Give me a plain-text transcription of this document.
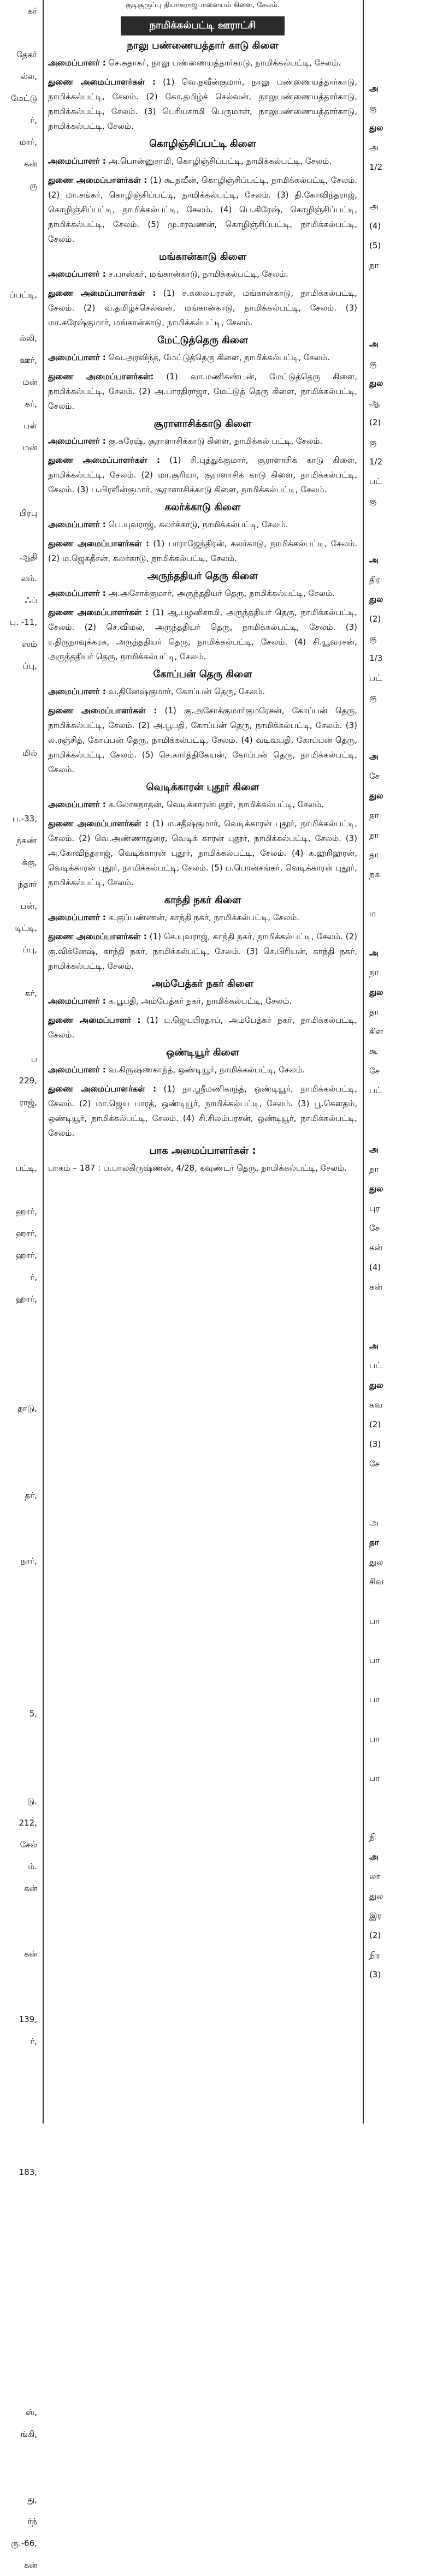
கர்

தேகர்
ல்ல,
மேட்டு
ர்,
மார்,
கன்
ரு

ப்பட்டி,

ல்லி,
ஊர்,
மன்
கர்,
பள்
மன்

பிரபு

ஆதி
லம்.
ஃப்
பு. -11,
ஸம்
ப்பு,

மில்

ப.-33,
ந்கண்
க்கு,
ந்தார்
பன்,
டிட்டி,
ப்பு,

கர்,

ப
229,
ராஜ்,

பட்டி,

ஹார்,
ஹார்,
ஹார்,
ர்,
ஹார்,

தாடு,

தர்,

நார்,

5,

டு.
212,
சேல்
ம்.
கன்

கன்

139,
ர்,

183,

ஸ்,
ங்கி,

து,
ர்ந்
ரு.-66,
கன்

அ
கு
துல
அ
1/2

அ
(4)
(5)
நா

அ
கு
துல
ஆ
(2)
கு
1/2
பட்
கு

அ
திர
துல
(2)
கு
1/3
பட்
கு

அ
சே
துல
தா
நா
தா
நக

ம

அ
நா
துல
தா
கிள
கூ
சே
பட்

அ
நா
துல
புர
சே
கன்
(4)
கன்

அ
பட்
துல
கவ
(2)
(3)
சே

அ
தா
துல
சிவ

பா

பா

பா

பா

பா

நி
அ
லா
துல
இர
(2)
நிர
(3)
குடிசூருப்பு தியாகராஜபாளையம் கிளை, சேலம்.
நாமிக்கல்பட்டி ஊராட்சி
நாலு பண்ணையத்தார் காடு கிளை
அமைப்பாளர் : செ.சுதாகர், நாலு பண்ணையத்தார்காடு, நாமிக்கல்பட்டி, சேலம்.
துணை அமைப்பாளர்கள் : (1) வெ.நவீன்குமார், நாலு பண்ணையத்தார்காடு, நாமிக்கல்பட்டி, சேலம். (2) கோ.தமிழ்ச் செல்வன், நாலுபண்ணையத்தார்காடு, நாமிக்கல்பட்டி, சேலம். (3) பெரியசாமி பெருமாள், நாலுபண்ணையத்தார்காடு, நாமிக்கல்பட்டி, சேலம்.
கொழிஞ்சிப்பட்டி கிளை
அமைப்பாளர் : அ.பொன்னுசாமி, கொழிஞ்சிப்பட்டி, நாமிக்கல்பட்டி, சேலம்.
துணை அமைப்பாளர்கள் : (1) கூ.நவீன், கொழிஞ்சிப்பட்டி, நாமிக்கல்பட்டி, சேலம். (2) மா.சங்கர், கொழிஞ்சிப்பட்டி, நாமிக்கல்பட்டி, சேலம். (3) தி.கோவிந்தராஜ், கொழிஞ்சிப்பட்டி, நாமிக்கல்பட்டி, சேலம். (4) பெ.கிரேஷ், கொழிஞ்சிப்பட்டி, நாமிக்கல்பட்டி, சேலம். (5) மு.சரவணன், கொழிஞ்சிப்பட்டி, நாமிக்கல்பட்டி, சேலம்.
மங்கான்காடு கிளை
அமைப்பாளர் : ச.பாஸ்கர், மங்கான்காடு, நாமிக்கல்பட்டி, சேலம்.
துணை அமைப்பாளர்கள் : (1) ச.கலையரசன், மங்கான்காடு, நாமிக்கல்பட்டி, சேலம். (2) வ.தமிழ்ச்செல்வன், மங்கான்காடு, நாமிக்கல்பட்டி, சேலம். (3) மா.சுரேஷ்குமார், மங்கான்காடு, நாமிக்கல்பட்டி, சேலம்.
மேட்டுத்தெரு கிளை
அமைப்பாளர் : வெ.அரவிந்த், மேட்டுத்தெரு கிளை, நாமிக்கல்பட்டி, சேலம்.
துணை அமைப்பாளர்கள்: (1) வா.மணிகண்டன், மேட்டுத்தெரு கிளை, நாமிக்கல்பட்டி, சேலம். (2) அ.பாரதிராஜா, மேட்டுத் தெரு கிளை, நாமிக்கல்பட்டி, சேலம்.
சூராளாசிக்காடு கிளை
அமைப்பாளர் : கு.சுரேஷ், சூராளாசிக்காடு கிளை, நாமிக்கல் பட்டி, சேலம்.
துணை அமைப்பாளர்கள் : (1) சி.புத்துக்குமார், சூராளாசிக் காடு கிளை, நாமிக்கல்பட்டி, சேலம். (2) மா.சூரியா, சூராளாசிக் காடு கிளை, நாமிக்கல்பட்டி, சேலம். (3) ப.பிரவீன்குமார், சூராளாசிக்காடு கிளை, நாமிக்கல்பட்டி, சேலம்.
கலர்க்காடு கிளை
அமைப்பாளர் : பெ.யுவராஜ், கலர்க்காடு, நாமிக்கல்பட்டி, சேலம்.
துணை அமைப்பாளர்கள் : (1) பாராஜேந்திரன், கலர்காடு, நாமிக்கல்பட்டி, சேலம். (2) ம.ஜெகதீசன், கலர்காடு, நாமிக்கல்பட்டி, சேலம்.
அருந்ததியர் தெரு கிளை
அமைப்பாளர் : அ.அசோக்குமார், அருந்ததியர் தெரு, நாமிக்கல்பட்டி, சேலம்.
துணை அமைப்பாளர்கள் : (1) ஆ.பழனிசாமி, அருந்ததியர் தெரு, நாமிக்கல்பட்டி, சேலம். (2) செ.விமல், அருந்ததியர் தெரு, நாமிக்கல்பட்டி, சேலம். (3) ர.திருநாவுக்கரசு, அருந்ததியர் தெரு, நாமிக்கல்பட்டி, சேலம். (4) சி.யூவரசன், அருந்ததியர் தெரு, நாமிக்கல்பட்டி, சேலம்.
கோப்பன் தெரு கிளை
அமைப்பாளர் : வ.தினேஷ்குமார், கோப்பன் தெரு, சேலம்.
துணை அமைப்பாளர்கள் : (1) கு.அசோக்குமார்குமரேசன், கோப்பன் தெரு, நாமிக்கல்பட்டி, சேலம். (2) அ.பூபதி, கோப்பன் தெரு, நாமிக்கல்பட்டி, சேலம். (3) ல.ரஞ்சித், கோப்பன் தெரு, நாமிக்கல்பட்டி, சேலம். (4) வடிவபதி, கோப்பன் தெரு, நாமிக்கல்பட்டி, சேலம். (5) செ.கார்த்திகேயன், கோப்பன் தெரு, நாமிக்கல்பட்டி, சேலம்.
வெடிக்காரன் புதூர் கிளை
அமைப்பாளர் : க.லோகநாதன், வெடிக்காரன்புதூர், நாமிக்கல்பட்டி, சேலம்.
துணை அமைப்பாளர்கள் : (1) ம.சதீஷ்குமார், வெடிக்காரன் புதூர், நாமிக்கல்பட்டி, சேலம். (2) வெ.அண்ணாதுரை, வெடிக் காரன் புதூர், நாமிக்கல்பட்டி, சேலம். (3) அ.கோவிந்தராஜ், வெடிக்காரன் புதூர், நாமிக்கல்பட்டி, சேலம். (4) க.ஹரிஹரன், வெடிக்காரன் புதூர், நாமிக்கல்பட்டி, சேலம். (5) ப.பொன்சங்கர், வெடிக்காரன் புதூர், நாமிக்கல்பட்டி, சேலம்.
காந்தி நகர் கிளை
அமைப்பாளர் : க.குப்பண்ணன், காந்தி நகர், நாமிக்கல்பட்டி, சேலம்.
துணை அமைப்பாளர்கள் : (1) செ.யுவராஜ், காந்தி நகர், நாமிக்கல்பட்டி, சேலம். (2) கு.விக்னேஷ், காந்தி நகர், நாமிக்கல்பட்டி, சேலம். (3) செ.பிரியன், காந்தி நகர், நாமிக்கல்பட்டி, சேலம்.
அம்பேத்கர் நகர் கிளை
அமைப்பாளர் : க.பூபதி, அம்பேத்கர் நகர், நாமிக்கல்பட்டி, சேலம்.
துணை அமைப்பாளர் : (1) ப.ஜெயபிரதாப், அம்பேத்கர் நகர், நாமிக்கல்பட்டி, சேலம்.
ஒண்டியூர் கிளை
அமைப்பாளர் : வ.கிருஷ்ணகாந்த், ஒண்டியூர், நாமிக்கல்பட்டி, சேலம்.
துணை அமைப்பாளர்கள் : (1) நா.ஸ்ரீமணிகாந்த், ஒண்டியூர், நாமிக்கல்பட்டி, சேலம். (2) மா.ஜெய பாரத், ஒண்டியூர், நாமிக்கல்பட்டி, சேலம். (3) பூ.கௌதம், ஒண்டியூர், நாமிக்கல்பட்டி, சேலம். (4) சி.சிலம்பரசன், ஒண்டியூர், நாமிக்கல்பட்டி, சேலம்.
பாக அமைப்பாளர்கள் :
பாகம் – 187 : ப.பாலகிருஷ்ணன், 4/28, கவுண்டர் தெரு, நாமிக்கல்பட்டி, சேலம்.
